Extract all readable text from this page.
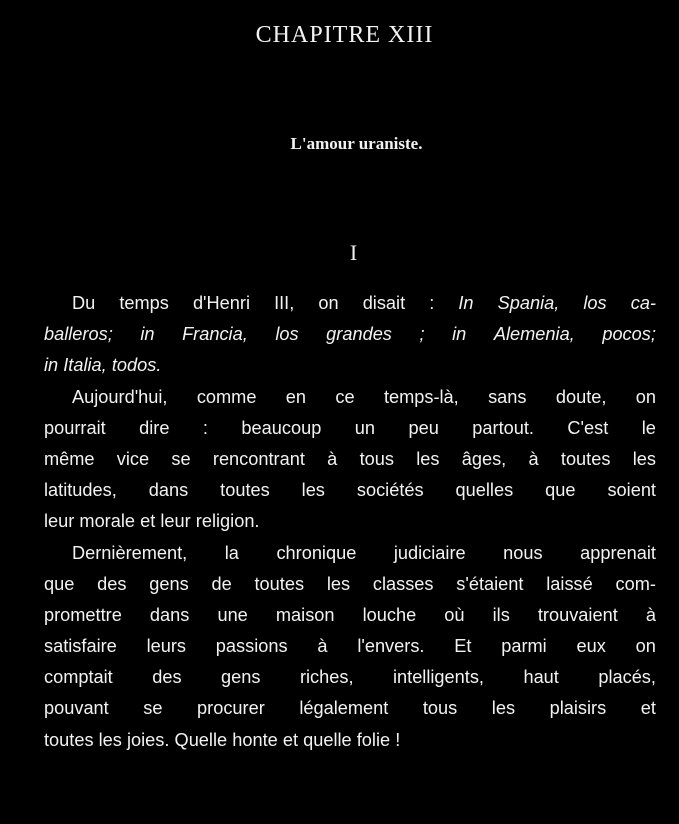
CHAPITRE XIII
L'amour uraniste.
I
Du temps d'Henri III, on disait : In Spania, los ca-
balleros; in Francia, los grandes ; in Alemenia, pocos;
in Italia, todos.
Aujourd'hui, comme en ce temps-là, sans doute, on
pourrait dire : beaucoup un peu partout. C'est le
même vice se rencontrant à tous les âges, à toutes les
latitudes, dans toutes les sociétés quelles que soient
leur morale et leur religion.
Dernièrement, la chronique judiciaire nous apprenait
que des gens de toutes les classes s'étaient laissé com-
promettre dans une maison louche où ils trouvaient à
satisfaire leurs passions à l'envers. Et parmi eux on
comptait des gens riches, intelligents, haut placés,
pouvant se procurer légalement tous les plaisirs et
toutes les joies. Quelle honte et quelle folie !
